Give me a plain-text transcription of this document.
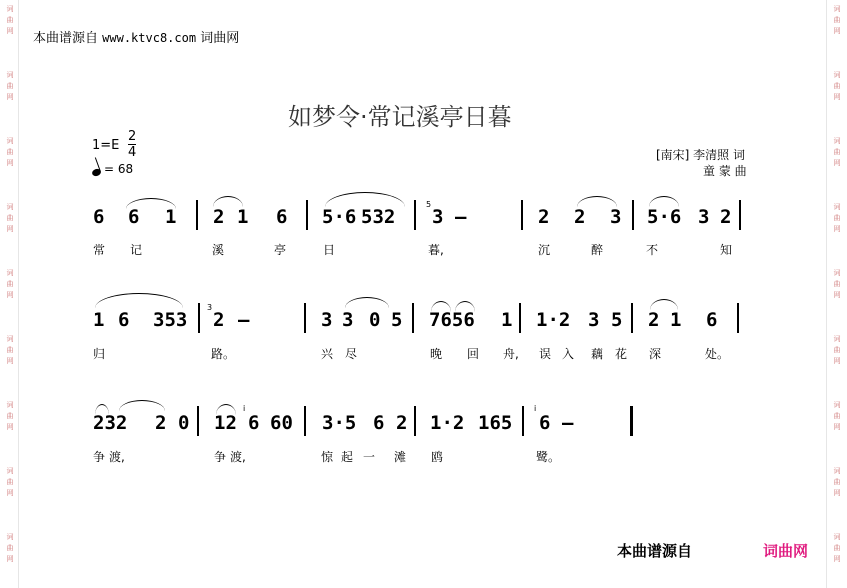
词	词
曲	曲
网	网
词	词
曲	曲
网	网
词	词
曲	曲
网	网
词	词
曲	曲
网	网
词	词
曲	曲
网	网
词	词
曲	曲
网	网
词	词
曲	曲
网	网
词	词
曲	曲
网	网
词	词
曲	曲
网	网
本曲谱源自 www.ktvc8.com 词曲网
如梦令·常记溪亭日暮
1=E
2
4
= 68
[南宋] 李清照 词
童 蒙 曲
6 6 1 2 1 6 5·6 532
5
3 –	2 2 3 5·6 3 2
常 记	溪	亭	日	暮,	沉	醉	不	知
1 6 353
3
2 –	3 3 0 5 7656 1 1·2 3 5 2 1 6
归	路。	兴 尽	晚 回 舟, 误 入 藕 花 深	处。
232 2 0 12
i
6 60 3·5 6 2 1·2 165
i
6 –
争 渡,	争 渡,	惊 起 一 滩 鸥	鹭。
本曲谱源自	词曲网
